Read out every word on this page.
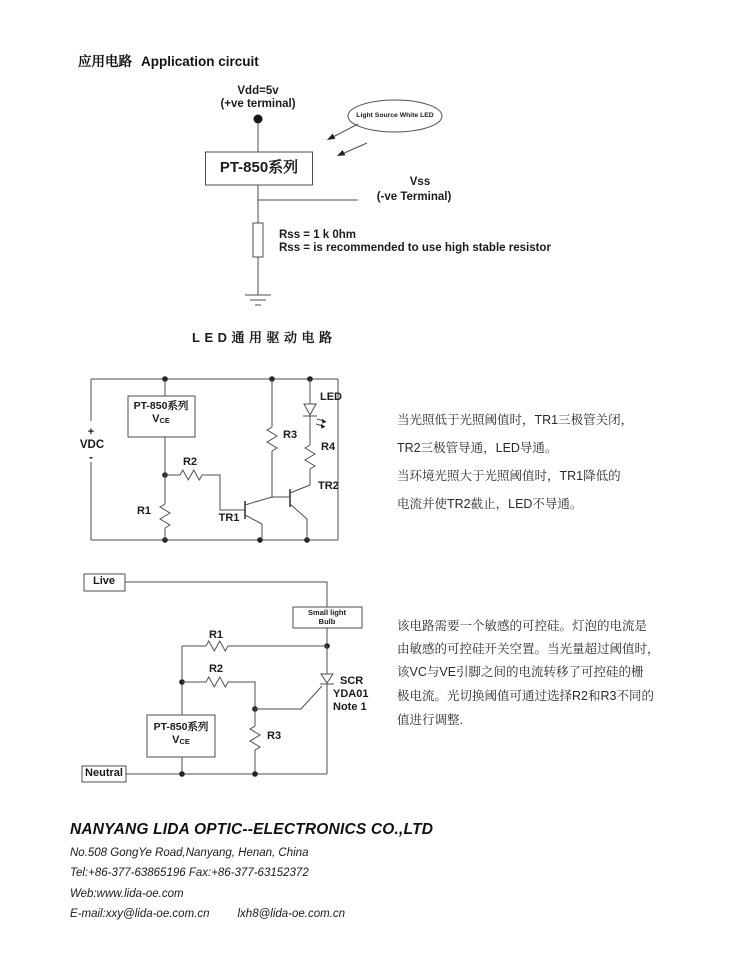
应用电路 Application circuit
Vdd=5v
(+ve terminal)
Light Source White LED
PT-850系列
Vss
(-ve Terminal)
Rss = 1 k 0hm
Rss = is recommended to use high stable resistor
LED通用驱动电路
+
VDC
-
PT-850系列
VCE
R2
R1
R3
LED
R4
TR1
TR2
当光照低于光照阈值时，TR1三极管关闭，
TR2三极管导通，LED导通。
当环境光照大于光照阈值时，TR1降低的
电流并使TR2截止，LED不导通。
Live
Small light
Bulb
R1
R2
SCR
YDA01
Note 1
R3
PT-850系列
VCE
Neutral
该电路需要一个敏感的可控硅。灯泡的电流是
由敏感的可控硅开关空置。当光量超过阈值时，
该VC与VE引脚之间的电流转移了可控硅的栅
极电流。光切换阈值可通过选择R2和R3不同的
值进行调整.
NANYANG LIDA OPTIC--ELECTRONICS CO.,LTD
No.508 GongYe Road,Nanyang, Henan, China
Tel:+86-377-63865196 Fax:+86-377-63152372
Web:www.lida-oe.com
E-mail:xxy@lida-oe.com.cn lxh8@lida-oe.com.cn
